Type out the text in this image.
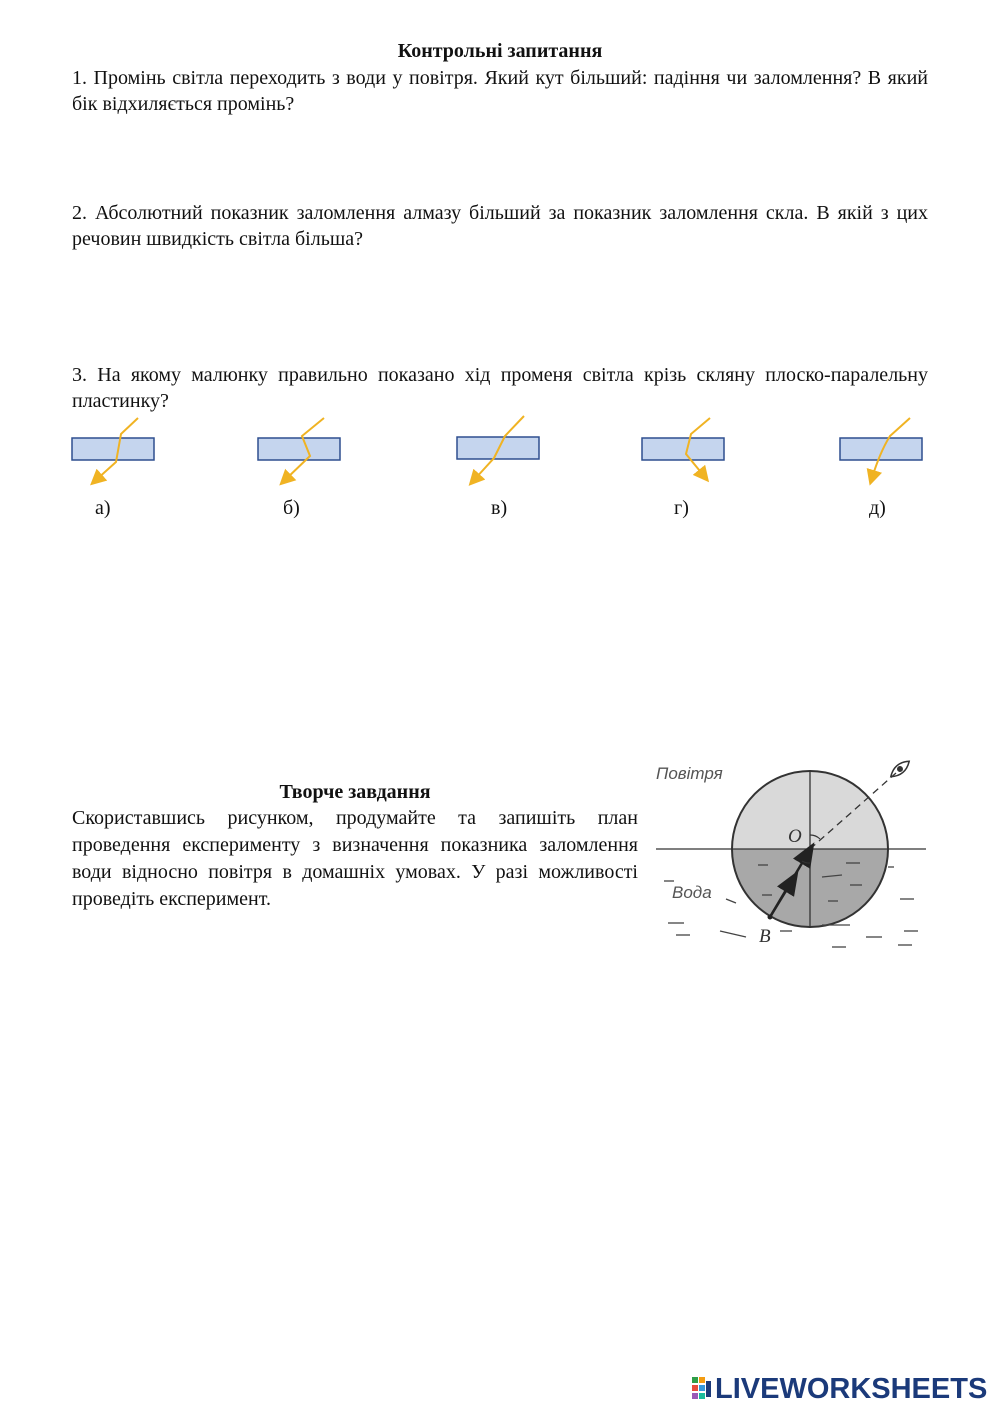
Контрольні запитання
1. Промінь світла переходить з води у повітря. Який кут більший: падіння чи заломлення? В який бік відхиляється промінь?
2. Абсолютний показник заломлення алмазу більший за показник заломлення скла. В якій з цих речовин швидкість світла більша?
3. На якому малюнку правильно показано хід променя світла крізь скляну плоско-паралельну пластинку?
а)	б)	в)	г)	д)
Творче завдання
Скориставшись рисунком, продумайте та запишіть план проведення експерименту з визначення показника заломлення води відносно повітря в домашніх умовах. У разі можливості проведіть експеримент.
Повітря
Вода
O
B
LIVEWORKSHEETS
